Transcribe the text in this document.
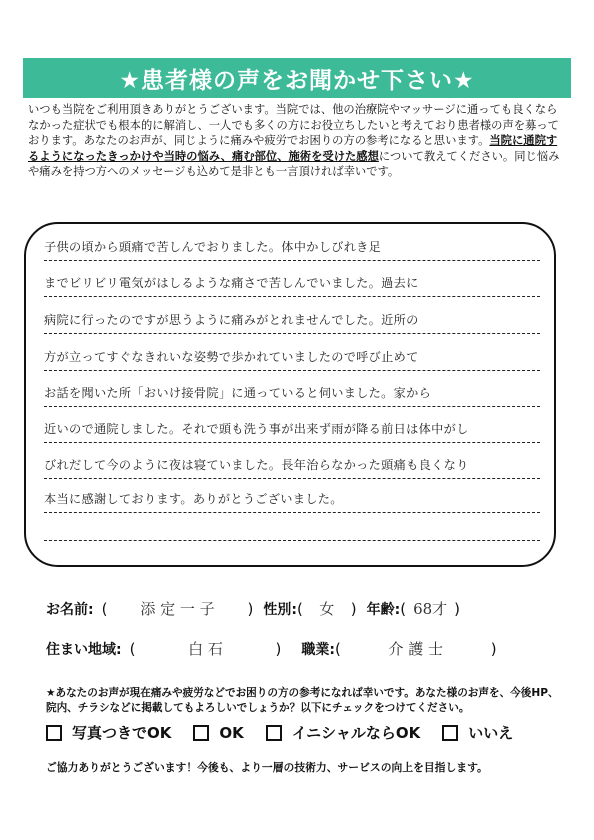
★患者様の声をお聞かせ下さい★
いつも当院をご利用頂きありがとうございます。当院では、他の治療院やマッサージに通っても良くならなかった症状でも根本的に解消し、一人でも多くの方にお役立ちしたいと考えており患者様の声を募っております。あなたのお声が、同じように痛みや疲労でお困りの方の参考になると思います。当院に通院するようになったきっかけや当時の悩み、痛む部位、施術を受けた感想について教えてください。同じ悩みや痛みを持つ方へのメッセージも込めて是非とも一言頂ければ幸いです。
子供の頃から頭痛で苦しんでおりました。体中かしびれき足
までビリビリ電気がはしるような痛さで苦しんでいました。過去に
病院に行ったのですが思うように痛みがとれませんでした。近所の
方が立ってすぐなきれいな姿勢で歩かれていましたので呼び止めて
お話を聞いた所「おいけ接骨院」に通っていると伺いました。家から
近いので通院しました。それで頭も洗う事が出来ず雨が降る前日は体中がし
びれだして今のように夜は寝ていました。長年治らなかった頭痛も良くなり
本当に感謝しております。ありがとうございました。
お名前: (	添 定 一 子	) 性別: (	女	) 年齢: ( 68才 )
住まい地域: (	白 石	) 職業: (	介 護 士	)
★あなたのお声が現在痛みや疲労などでお困りの方の参考になれば幸いです。あなた様のお声を、今後HP、院内、チラシなどに掲載してもよろしいでしょうか？以下にチェックをつけてください。
写真つきでOK	OK	イニシャルならOK	いいえ
ご協力ありがとうございます！今後も、より一層の技術力、サービスの向上を目指します。
